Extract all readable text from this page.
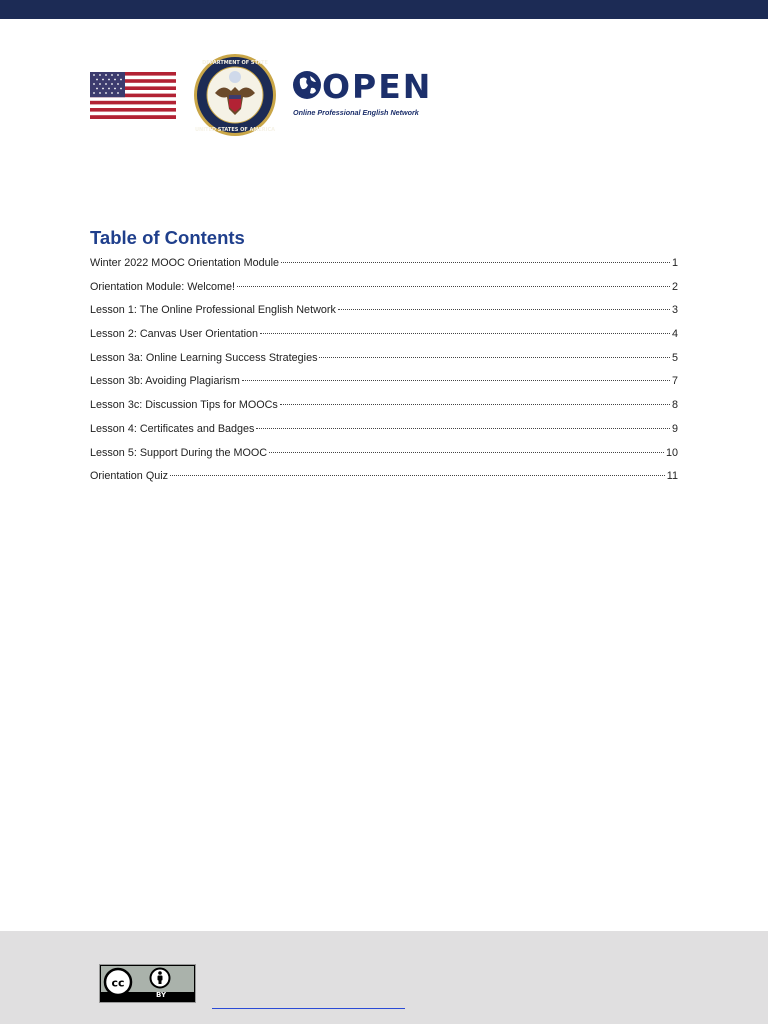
DEPARTMENT OF STATE
UNITED STATES OF AMERICA
OPEN
Online Professional English Network
Table of Contents
Winter 2022 MOOC Orientation Module	1
Orientation Module: Welcome!	2
Lesson 1: The Online Professional English Network	3
Lesson 2: Canvas User Orientation	4
Lesson 3a: Online Learning Success Strategies	5
Lesson 3b: Avoiding Plagiarism	7
Lesson 3c: Discussion Tips for MOOCs	8
Lesson 4: Certificates and Badges	9
Lesson 5: Support During the MOOC	10
Orientation Quiz	11
cc
BY
